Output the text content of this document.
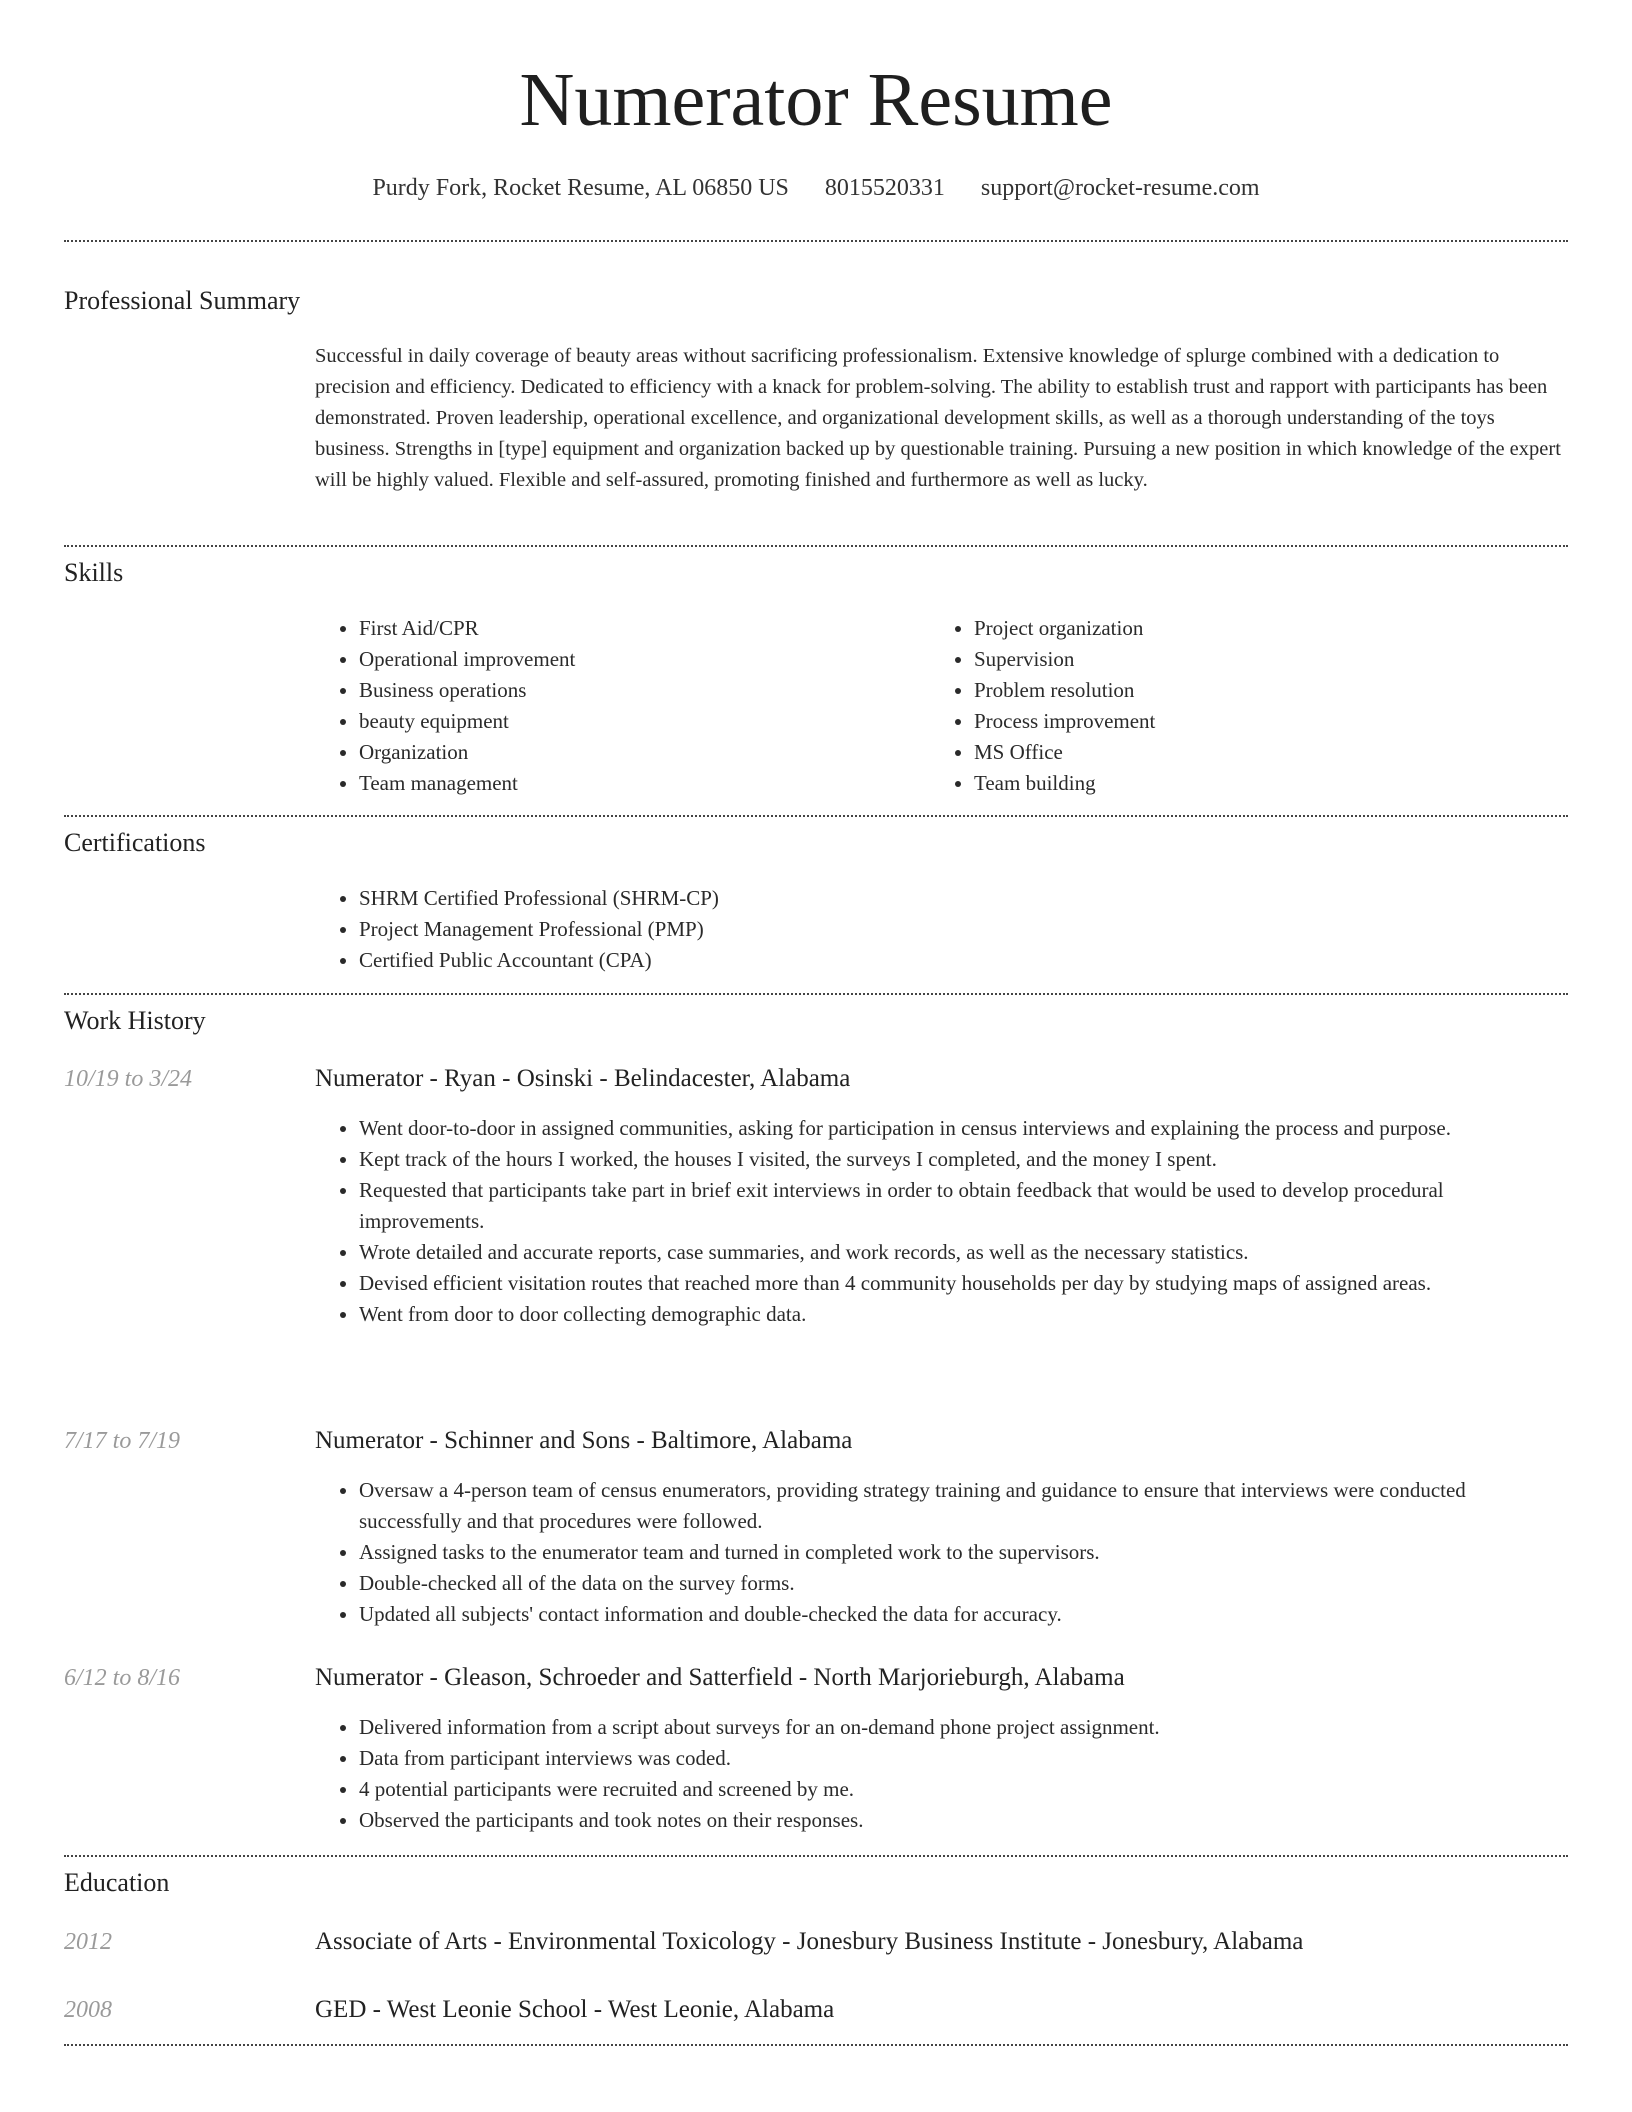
Numerator Resume
Purdy Fork, Rocket Resume, AL 06850 US 8015520331 support@rocket-resume.com
Professional Summary
Successful in daily coverage of beauty areas without sacrificing professionalism. Extensive knowledge of splurge combined with a dedication to precision and efficiency. Dedicated to efficiency with a knack for problem-solving. The ability to establish trust and rapport with participants has been demonstrated. Proven leadership, operational excellence, and organizational development skills, as well as a thorough understanding of the toys business. Strengths in [type] equipment and organization backed up by questionable training. Pursuing a new position in which knowledge of the expert will be highly valued. Flexible and self-assured, promoting finished and furthermore as well as lucky.
Skills
• First Aid/CPR
• Operational improvement
• Business operations
• beauty equipment
• Organization
• Team management
• Project organization
• Supervision
• Problem resolution
• Process improvement
• MS Office
• Team building
Certifications
• SHRM Certified Professional (SHRM-CP)
• Project Management Professional (PMP)
• Certified Public Accountant (CPA)
Work History
10/19 to 3/24	Numerator - Ryan - Osinski - Belindacester, Alabama
• Went door-to-door in assigned communities, asking for participation in census interviews and explaining the process and purpose.
• Kept track of the hours I worked, the houses I visited, the surveys I completed, and the money I spent.
• Requested that participants take part in brief exit interviews in order to obtain feedback that would be used to develop procedural improvements.
• Wrote detailed and accurate reports, case summaries, and work records, as well as the necessary statistics.
• Devised efficient visitation routes that reached more than 4 community households per day by studying maps of assigned areas.
• Went from door to door collecting demographic data.
7/17 to 7/19	Numerator - Schinner and Sons - Baltimore, Alabama
• Oversaw a 4-person team of census enumerators, providing strategy training and guidance to ensure that interviews were conducted successfully and that procedures were followed.
• Assigned tasks to the enumerator team and turned in completed work to the supervisors.
• Double-checked all of the data on the survey forms.
• Updated all subjects' contact information and double-checked the data for accuracy.
6/12 to 8/16	Numerator - Gleason, Schroeder and Satterfield - North Marjorieburgh, Alabama
• Delivered information from a script about surveys for an on-demand phone project assignment.
• Data from participant interviews was coded.
• 4 potential participants were recruited and screened by me.
• Observed the participants and took notes on their responses.
Education
2012	Associate of Arts - Environmental Toxicology - Jonesbury Business Institute - Jonesbury, Alabama
2008	GED - West Leonie School - West Leonie, Alabama
